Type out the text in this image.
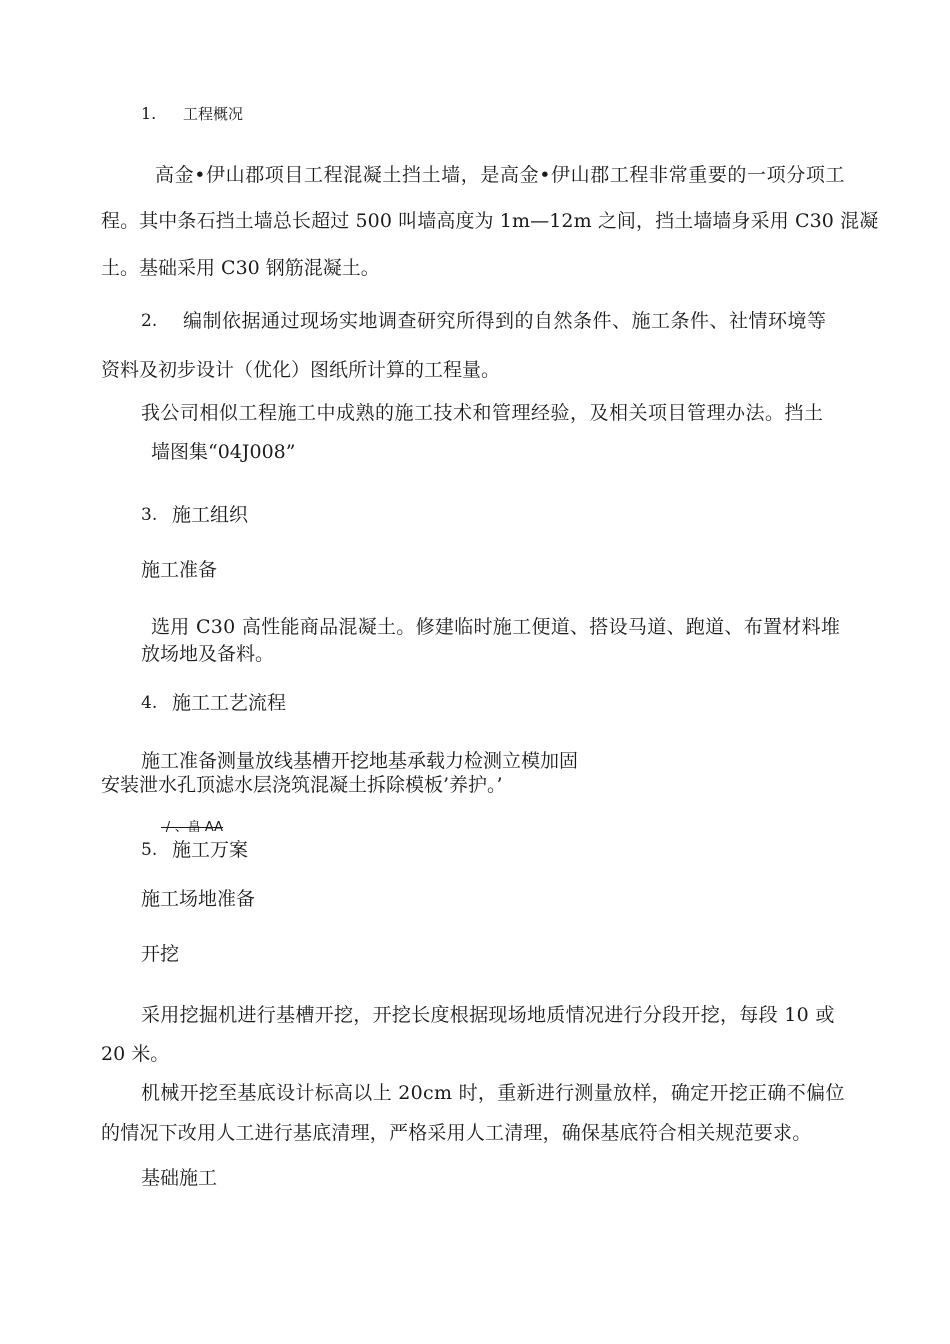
1. 工程概况
高金•伊山郡项目工程混凝土挡土墙，是高金•伊山郡工程非常重要的一项分项工
程。其中条石挡土墙总长超过 500 叫墙高度为 1m—12m 之间，挡土墙墙身采用 C30 混凝
土。基础采用 C30 钢筋混凝土。
2. 编制依据通过现场实地调查研究所得到的自然条件、施工条件、社情环境等
资料及初步设计（优化）图纸所计算的工程量。
我公司相似工程施工中成熟的施工技术和管理经验，及相关项目管理办法。挡土
墙图集“04J008”
3. 施工组织
施工准备
选用 C30 高性能商品混凝土。修建临时施工便道、搭设马道、跑道、布置材料堆
放场地及备料。
4. 施工工艺流程
施工准备测量放线基槽开挖地基承载力检测立模加固
安装泄水孔顶滤水层浇筑混凝土拆除模板’养护。’
-/-、畠 AA
5. 施工万案
施工场地准备
开挖
采用挖掘机进行基槽开挖，开挖长度根据现场地质情况进行分段开挖，每段 10 或
20 米。
机械开挖至基底设计标高以上 20cm 时，重新进行测量放样，确定开挖正确不偏位
的情况下改用人工进行基底清理，严格采用人工清理，确保基底符合相关规范要求。
基础施工
